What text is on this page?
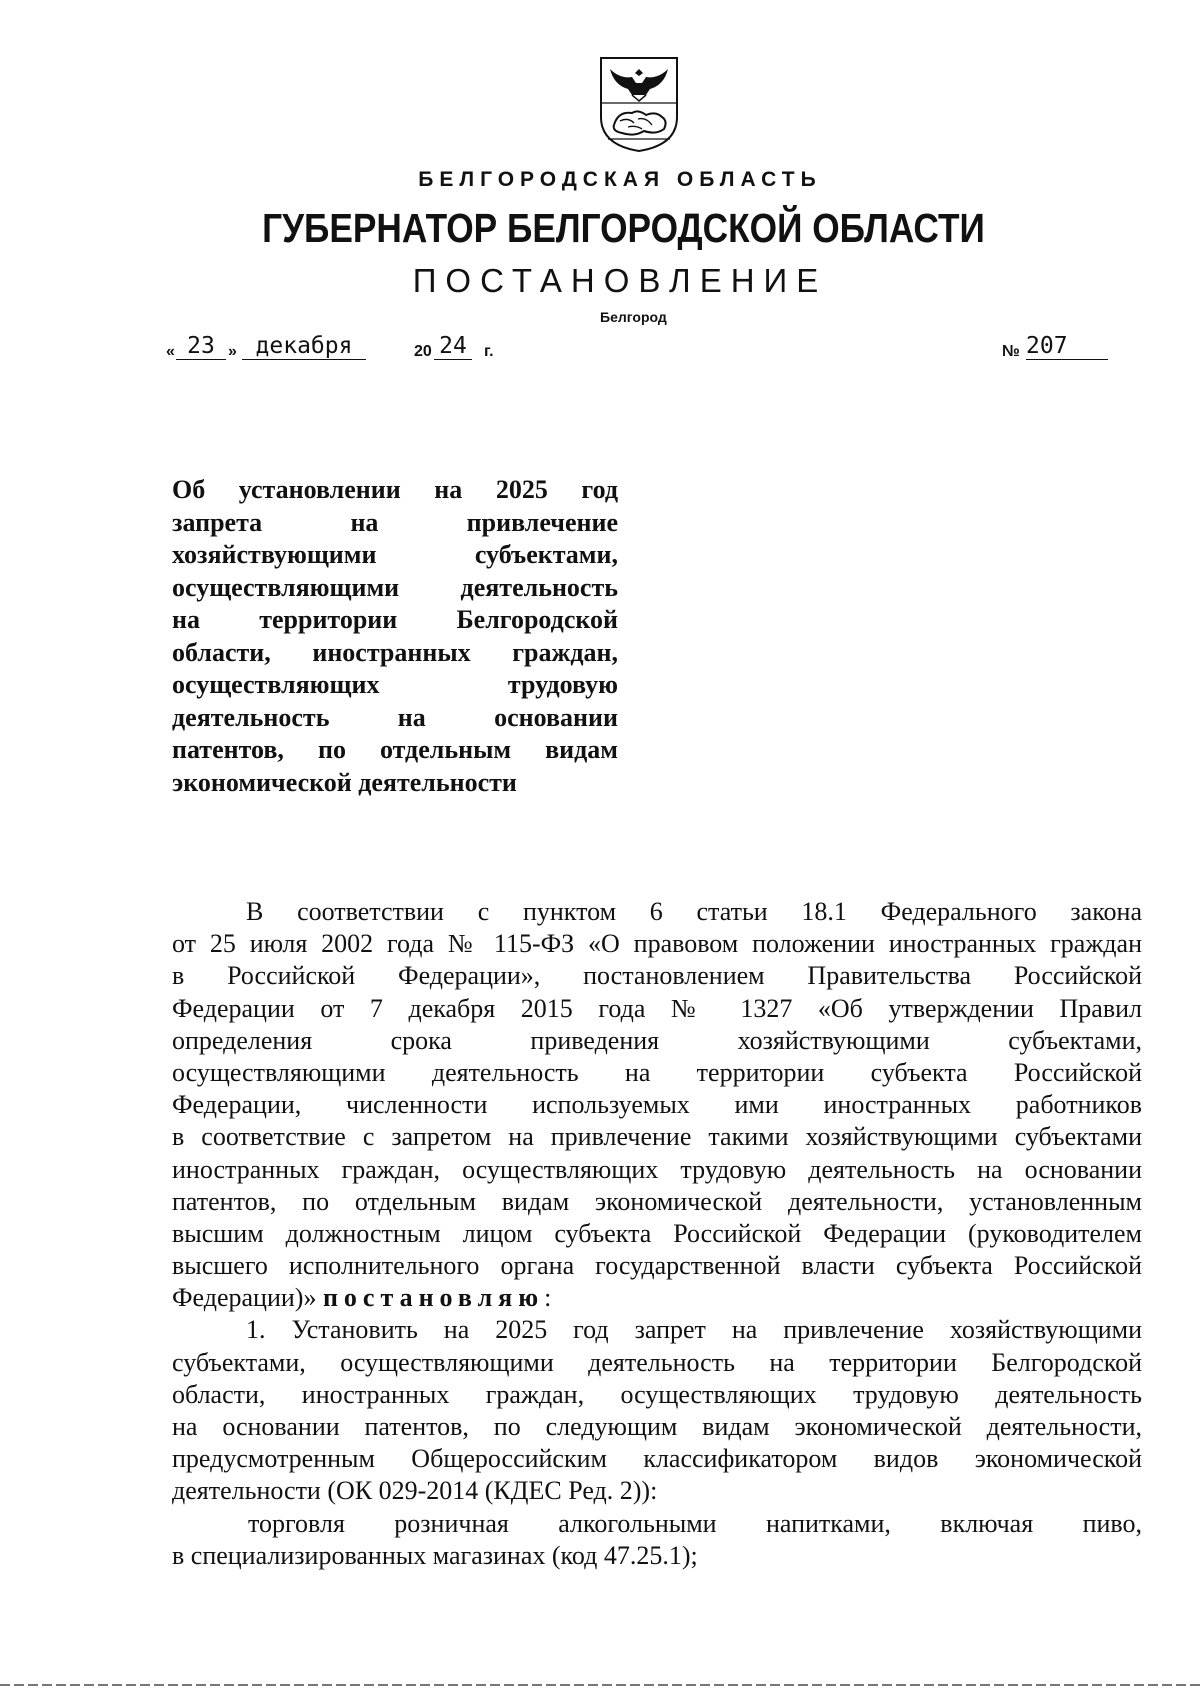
БЕЛГОРОДСКАЯ ОБЛАСТЬ
ГУБЕРНАТОР БЕЛГОРОДСКОЙ ОБЛАСТИ
ПОСТАНОВЛЕНИЕ
Белгород
« 23 » декабря	20 24	г.	№ 207
Об установлении на 2025 год
запрета на привлечение
хозяйствующими субъектами,
осуществляющими деятельность
на территории Белгородской
области, иностранных граждан,
осуществляющих трудовую
деятельность на основании
патентов, по отдельным видам
экономической деятельности
В соответствии с пунктом 6 статьи 18.1 Федерального закона
от 25 июля 2002 года № 115-ФЗ «О правовом положении иностранных граждан
в Российской Федерации», постановлением Правительства Российской
Федерации от 7 декабря 2015 года № 1327 «Об утверждении Правил
определения срока приведения хозяйствующими субъектами,
осуществляющими деятельность на территории субъекта Российской
Федерации, численности используемых ими иностранных работников
в соответствие с запретом на привлечение такими хозяйствующими субъектами
иностранных граждан, осуществляющих трудовую деятельность на основании
патентов, по отдельным видам экономической деятельности, установленным
высшим должностным лицом субъекта Российской Федерации (руководителем
высшего исполнительного органа государственной власти субъекта Российской
Федерации)» постановляю:
1. Установить на 2025 год запрет на привлечение хозяйствующими
субъектами, осуществляющими деятельность на территории Белгородской
области, иностранных граждан, осуществляющих трудовую деятельность
на основании патентов, по следующим видам экономической деятельности,
предусмотренным Общероссийским классификатором видов экономической
деятельности (ОК 029-2014 (КДЕС Ред. 2)):
торговля розничная алкогольными напитками, включая пиво,
в специализированных магазинах (код 47.25.1);
